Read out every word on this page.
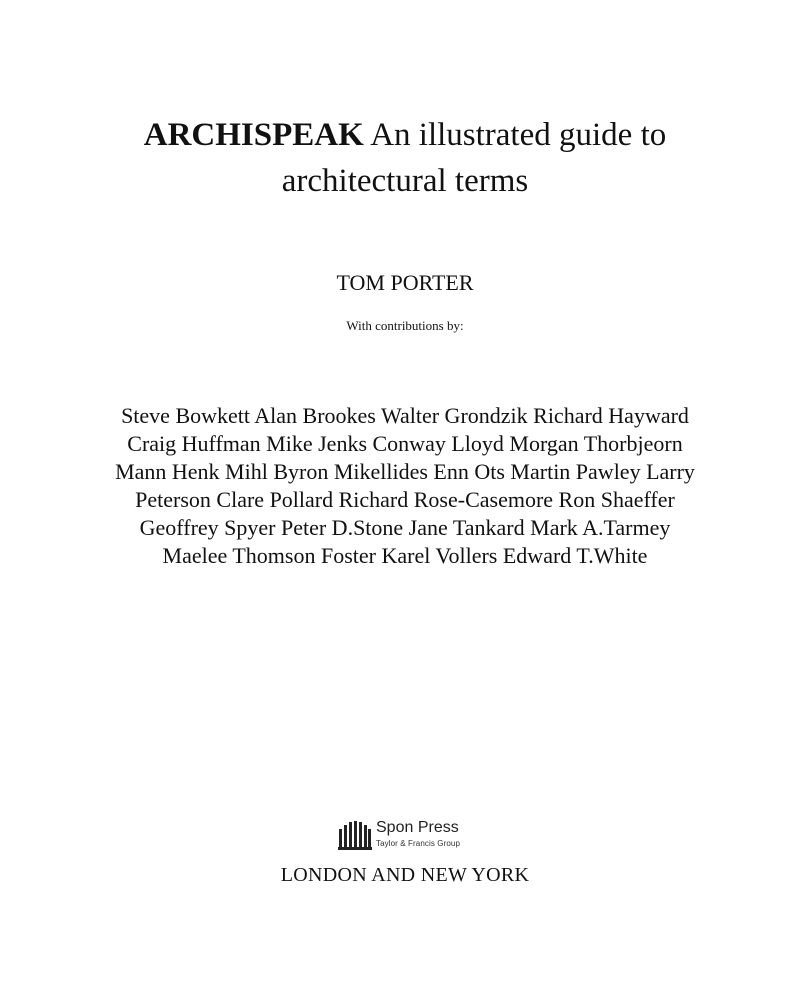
ARCHISPEAK An illustrated guide to
architectural terms
TOM PORTER
With contributions by:
Steve Bowkett Alan Brookes Walter Grondzik Richard Hayward
Craig Huffman Mike Jenks Conway Lloyd Morgan Thorbjeorn
Mann Henk Mihl Byron Mikellides Enn Ots Martin Pawley Larry
Peterson Clare Pollard Richard Rose-Casemore Ron Shaeffer
Geoffrey Spyer Peter D.Stone Jane Tankard Mark A.Tarmey
Maelee Thomson Foster Karel Vollers Edward T.White
Spon Press
Taylor & Francis Group
LONDON AND NEW YORK
